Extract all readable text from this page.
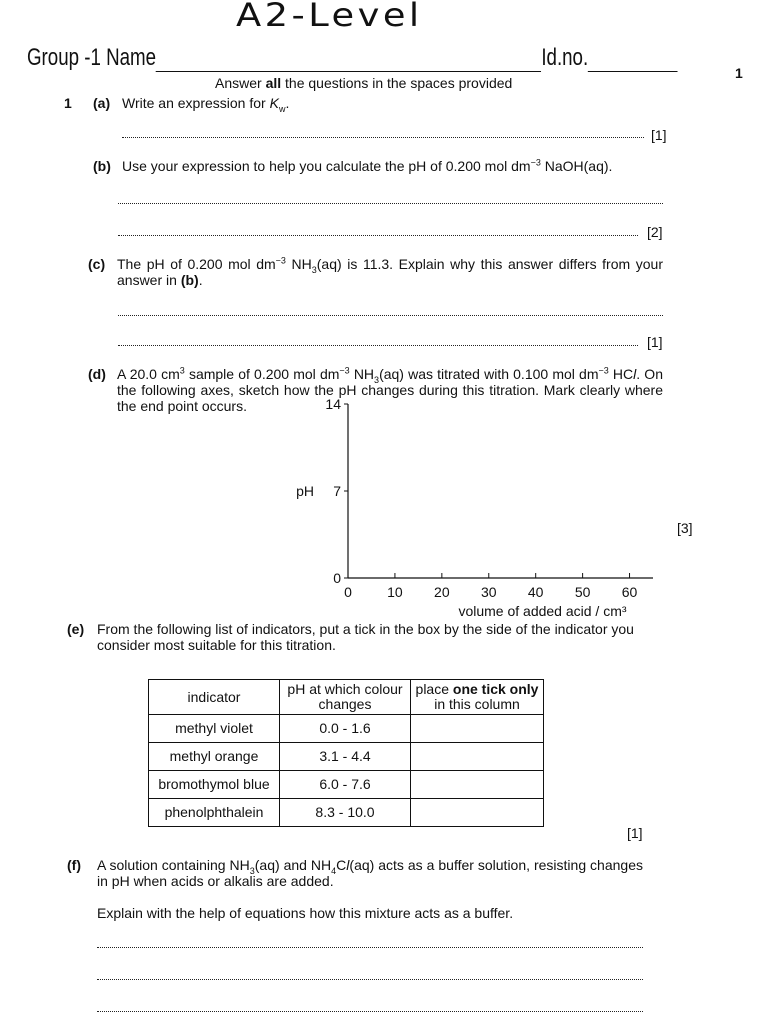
A2-Level
Group -1 Name	Id.no.
1
Answer all the questions in the spaces provided
1 (a) Write an expression for $K_w$.
[1]
(b) Use your expression to help you calculate the pH of 0.200 mol $dm^{-3}$ NaOH(aq).
[2]
(c) The pH of 0.200 mol $dm^{-3}$ $NH_3(aq)$ is 11.3. Explain why this answer differs from your answer in (b).
[1]
(d) A 20.0 $cm^3$ sample of 0.200 mol $dm^{-3}$ $NH_3(aq)$ was titrated with 0.100 mol $dm^{-3}$ HCl. On the following axes, sketch how the pH changes during this titration. Mark clearly where the end point occurs.
[3]
0	10 20 30 40 50 60
0
7
14
pH
volume of added acid / cm³
(e) From the following list of indicators, put a tick in the box by the side of the indicator you consider most suitable for this titration.
indicator	pH at which colour changes	place one tick only in this column
methyl violet	0.0 - 1.6	
methyl orange	3.1 - 4.4	
bromothymol blue	6.0 - 7.6	
phenolphthalein	8.3 - 10.0	
[1]
(f) A solution containing $NH_3(aq)$ and $NH_4Cl(aq)$ acts as a buffer solution, resisting changes in pH when acids or alkalis are added.
Explain with the help of equations how this mixture acts as a buffer.
